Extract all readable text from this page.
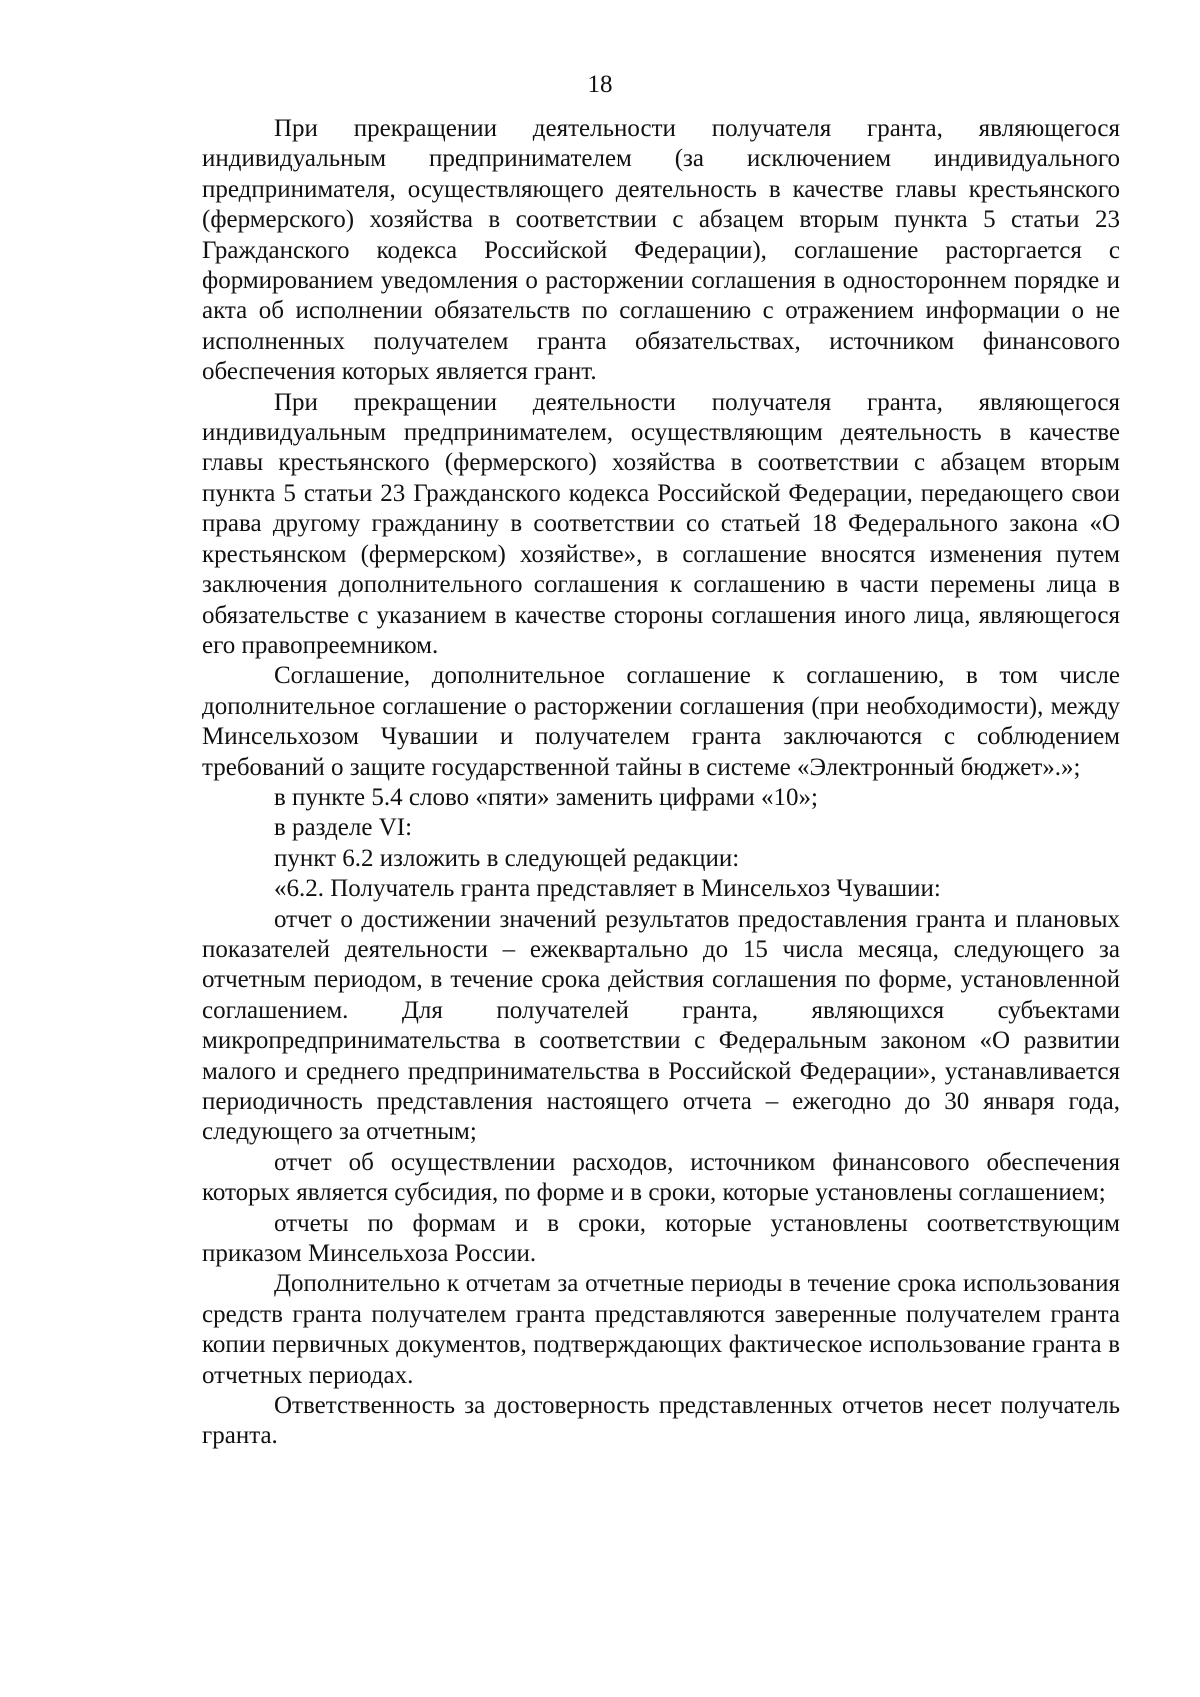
18

При прекращении деятельности получателя гранта, являющегося индивидуальным предпринимателем (за исключением индивидуального предпринимателя, осуществляющего деятельность в качестве главы крестьянского (фермерского) хозяйства в соответствии с абзацем вторым пункта 5 статьи 23 Гражданского кодекса Российской Федерации), соглашение расторгается с формированием уведомления о расторжении соглашения в одностороннем порядке и акта об исполнении обязательств по соглашению с отражением информации о не исполненных получателем гранта обязательствах, источником финансового обеспечения которых является грант.

При прекращении деятельности получателя гранта, являющегося индивидуальным предпринимателем, осуществляющим деятельность в качестве главы крестьянского (фермерского) хозяйства в соответствии с абзацем вторым пункта 5 статьи 23 Гражданского кодекса Российской Федерации, передающего свои права другому гражданину в соответствии со статьей 18 Федерального закона «О крестьянском (фермерском) хозяйстве», в соглашение вносятся изменения путем заключения дополнительного соглашения к соглашению в части перемены лица в обязательстве с указанием в качестве стороны соглашения иного лица, являющегося его правопреемником.

Соглашение, дополнительное соглашение к соглашению, в том числе дополнительное соглашение о расторжении соглашения (при необходимости), между Минсельхозом Чувашии и получателем гранта заключаются с соблюдением требований о защите государственной тайны в системе «Электронный бюджет».»;

в пункте 5.4 слово «пяти» заменить цифрами «10»;

в разделе VI:

пункт 6.2 изложить в следующей редакции:

«6.2. Получатель гранта представляет в Минсельхоз Чувашии:

отчет о достижении значений результатов предоставления гранта и плановых показателей деятельности – ежеквартально до 15 числа месяца, следующего за отчетным периодом, в течение срока действия соглашения по форме, установленной соглашением. Для получателей гранта, являющихся субъектами микропредпринимательства в соответствии с Федеральным законом «О развитии малого и среднего предпринимательства в Российской Федерации», устанавливается периодичность представления настоящего отчета – ежегодно до 30 января года, следующего за отчетным;

отчет об осуществлении расходов, источником финансового обеспечения которых является субсидия, по форме и в сроки, которые установлены соглашением;

отчеты по формам и в сроки, которые установлены соответствующим приказом Минсельхоза России.

Дополнительно к отчетам за отчетные периоды в течение срока использования средств гранта получателем гранта представляются заверенные получателем гранта копии первичных документов, подтверждающих фактическое использование гранта в отчетных периодах.

Ответственность за достоверность представленных отчетов несет получатель гранта.
